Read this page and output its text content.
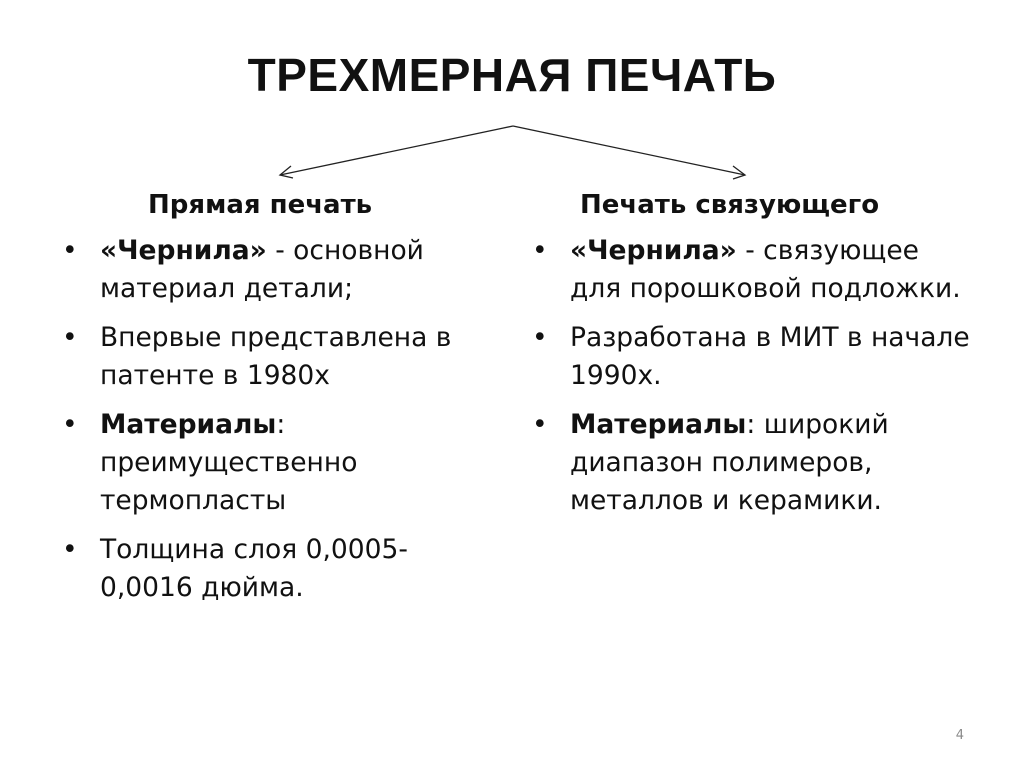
ТРЕХМЕРНАЯ ПЕЧАТЬ
Прямая печать
• «Чернила» - основной материал детали;
• Впервые представлена в патенте в 1980х
• Материалы: преимущественно термопласты
• Толщина слоя 0,0005-0,0016 дюйма.
Печать связующего
• «Чернила» - связующее для порошковой подложки.
• Разработана в МИТ в начале 1990х.
• Материалы: широкий диапазон полимеров, металлов и керамики.
4
